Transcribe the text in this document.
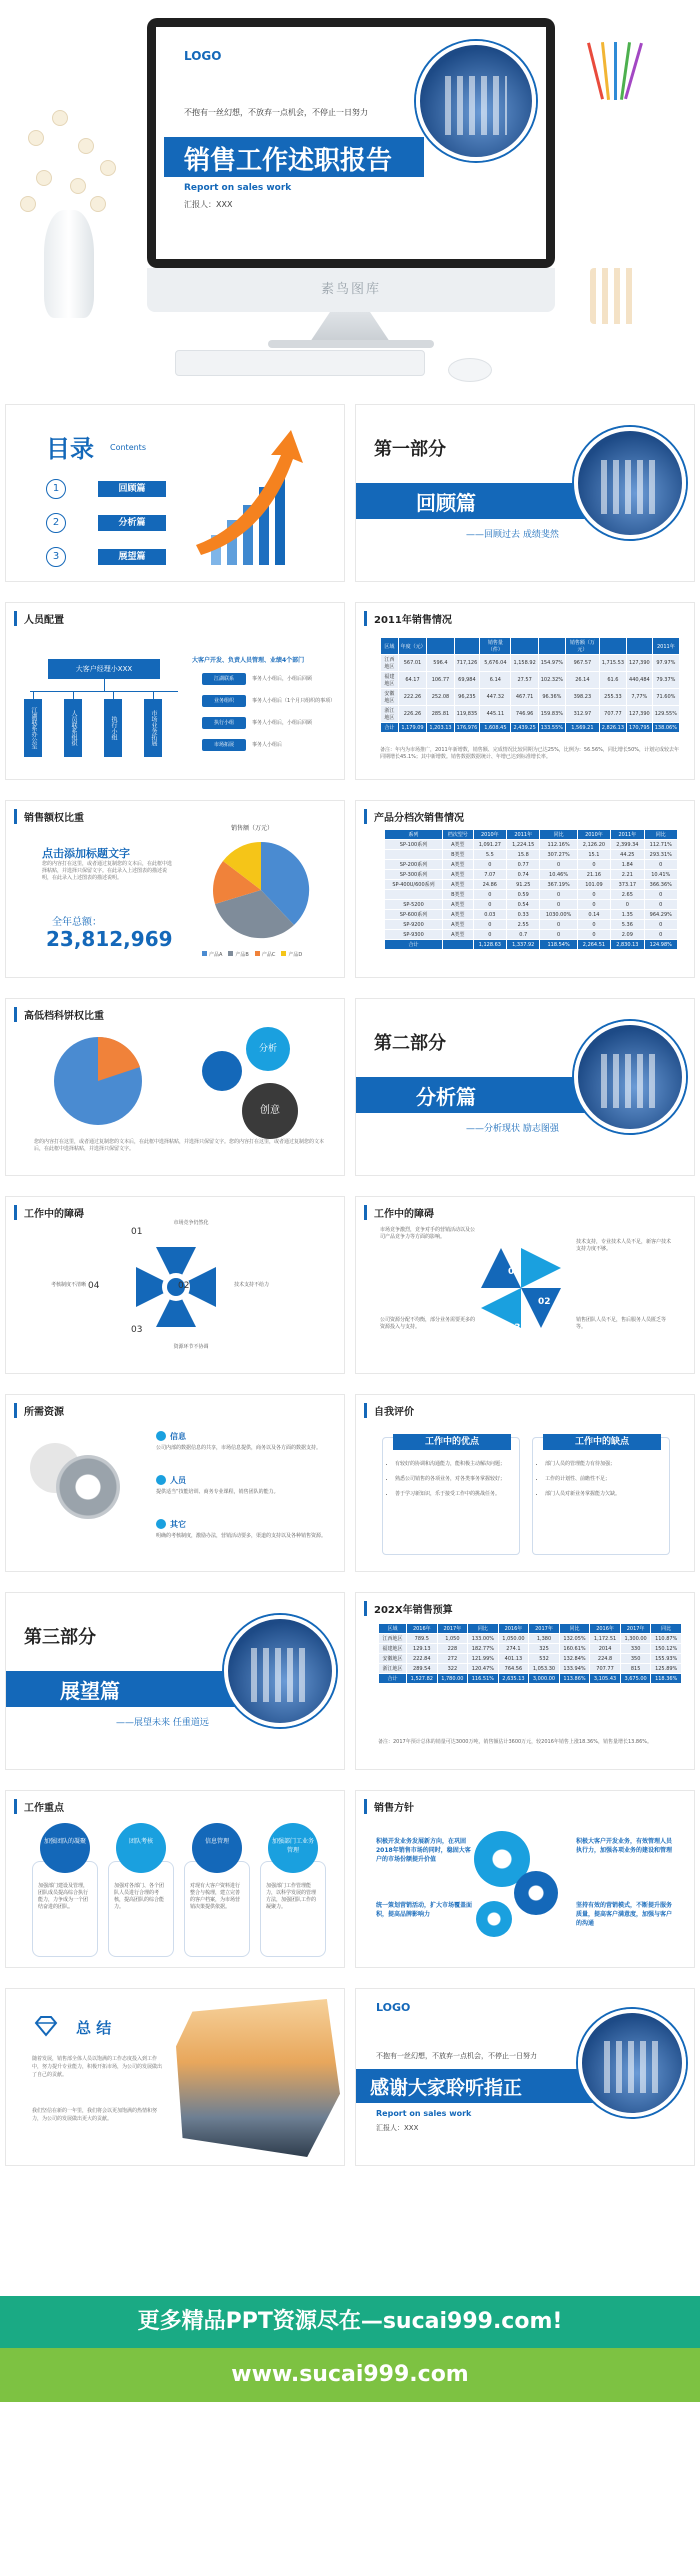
LOGO
不抱有一丝幻想，不放弃一点机会，不停止一日努力
销售工作述职报告
Report on sales work
汇报人：XXX
素鸟图库
目录 Contents
1	回顾篇
2	分析篇
3	展望篇
第一部分
回顾篇
——回顾过去 成绩斐然
人员配置
大客户经理小XXX
江湖联系办公室	人员联系组织	执行小组	市场业务拓展
大客户开发、负责人员管理、业绩4个部门
江湖联系	事务人小组后，小组后回顾
业务组织	事务人小组后（1个月只组织的事项）
执行小组	事务人小组后，小组后回顾
市场拓展	事务人小组后
2011年销售情况
区域	年度（元）			销售量（件）			销售额（万元）			2011年
江西地区	567.01	596.4	717,126	5,676.04	1,158.92	154.97%	967.57	1,715.53	127,390	97.97%
福建地区	64.17	106.77	69,984	6.14	27.57	102.32%	26.14	61.6	440,484	79.37%
安徽地区	222.26	252.08	96,235	447.32	467.71	96.36%	398.23	255.33	7,77%	71.60%
浙江地区	226.26	285.81	119,835	445.11	746.96	159.83%	312.97	707.77	127,390	129.55%
合计	1,179.09	1,203.13	176,976	1,608.45	2,439.25	133.55%	1,569.21	2,826.13	170,795	138.06%
备注：年内为市场推广，2011年新增数，销售额、完成情况比较同期为已达25%，比例为：56.56%，同比增长50%，计划完成较去年同期增长45.1%；其中新增数。销售数据数据统计、年增已达到标准增长率。
销售额权比重
点击添加标题文字
您的内容打在这里，或者通过复制您的文本后，在此框中选择粘贴，并选择只保留文字。在此录入上述图表的描述说明，在此录入上述图表的描述说明。
全年总额：
23,812,969
销售额（万元）
产品A	产品B	产品C	产品D
产品分档次销售情况
系列	档次型号	2010年	2011年	同比	2010年	2011年	同比
SP-100系列	A类型	1,091.27	1,224.15	112.16%	2,126.20	2,399.34	112.71%
	B类型	5.5	15.8	307.27%	15.1	44.25	293.31%
SP-200系列	A类型	0	0.77	0	0	1.84	0
SP-300系列	A类型	7.07	0.74	10.46%	21.16	2.21	10.41%
SP-400U/600系列	A类型	24.86	91.25	367.19%	101.09	373.17	366.36%
	B类型	0	0.59	0	0	2.65	0
SP-5200	A类型	0	0.54	0	0	0	0
SP-600系列	A类型	0.03	0.33	1030.00%	0.14	1.35	964.29%
SP-9200	A类型	0	2.55	0	0	5.36	0
SP-9300	A类型	0	0.7	0	0	2.09	0
合计		1,128.63	1,337.92	118.54%	2,264.51	2,830.13	124.98%
高低档科饼权比重
分析
创意
您的内容打在这里，或者通过复制您的文本后，在此框中选择粘贴，并选择只保留文字。您的内容打在这里，或者通过复制您的文本后，在此框中选择粘贴，并选择只保留文字。
第二部分
分析篇
——分析现状 励志图强
工作中的障碍
01
市场竞争仍然化
02	技术支持不给力
03
资源环节不协调
04
考核制度不清晰
工作中的障碍
01
02
03
04
市场竞争激烈，竞争对手的营销活动以及公司产品竞争力等方面的影响。
技术支持，专业技术人员不足，新客户技术支持力度不够。
销售团队人员不足，售后服务人员匮乏等等。
公司资源分配不均衡，部分业务需要更多的资源投入与支持。
所需资源
信息
公司内部的数据信息的共享，市场信息提供，商务以及各方面的数据支持。
人员
提供适当“技能培训、商务专业课程，销售团队的能力。
其它
明确的考核制度，激励办法，营销活动要多，渠道的支持以及各种销售资源。
自我评价
工作中的优点
• 有较好的协调和沟通能力，能积极主动解决问题；
• 熟悉公司销售的各项业务，对各类事务掌握较好；
• 善于学习新知识，乐于接受工作中的挑战任务。
工作中的缺点
• 部门人员的管理能力有待加强；
• 工作的计划性、前瞻性不足；
• 部门人员对新业务掌握能力欠缺。
第三部分
展望篇
——展望未来 任重道远
202X年销售预算
区域	2016年	2017年	同比	2016年	2017年	同比	2016年	2017年	同比
江西地区	789.5	1,050	133.00%	1,050.00	1,380	132.05%	1,172.51	1,300.00	110.87%
福建地区	129.13	228	182.77%	274.1	325	160.61%	2014	330	150.12%
安徽地区	222.84	272	121.99%	401.13	532	132.84%	224.8	350	155.93%
浙江地区	289.54	322	120.47%	764.56	1,053.30	133.94%	707.77	815	125.89%
合计	1,527.82	1,780.00	116.51%	2,635.13	3,000.00	113.86%	3,105.43	3,675.00	118.36%
备注：2017年预计总体的销量可达3000万吨，销售额估计3600万元，较2016年销售上涨18.36%，销售量增长13.86%。
工作重点
加强团队的凝聚
加强部门建设及管理，团队成员提高综合执行能力，力争成为一个团结奋进的团队。
团队考核
加强对各部门、各个团队人员进行合理的考核，提高团队的综合能力。
信息管理
对现有大客户资料进行整合与梳理，建立完善的客户档案，为市场营销决策提供依据。
加强部门工业务管理
加强部门工作管理能力，以科学发展的管理方法，加强团队工作的凝聚力。
销售方针
积极开发业务发展新方向，在巩固2018年销售市场的同时，稳固大客户的市场份额提升价值
积极大客户开发业务，有效管理人员执行力，加强各项业务的建设和管理
统一策划营销活动，扩大市场覆盖面积，提高品牌影响力
坚持有效的营销模式，不断提升服务质量，提高客户满意度，加强与客户的沟通
总 结
随着发展，销售部全体人员以饱满的工作态度投入到工作中，努力提升专业能力，积极开拓市场，为公司的发展做出了自己的贡献。
我们坚信在新的一年里，我们将会以更加饱满的热情和努力，为公司的发展做出更大的贡献。
LOGO
不抱有一丝幻想，不放弃一点机会，不停止一日努力
感谢大家聆听指正
Report on sales work
汇报人：XXX
更多精品PPT资源尽在—sucai999.com!
www.sucai999.com
